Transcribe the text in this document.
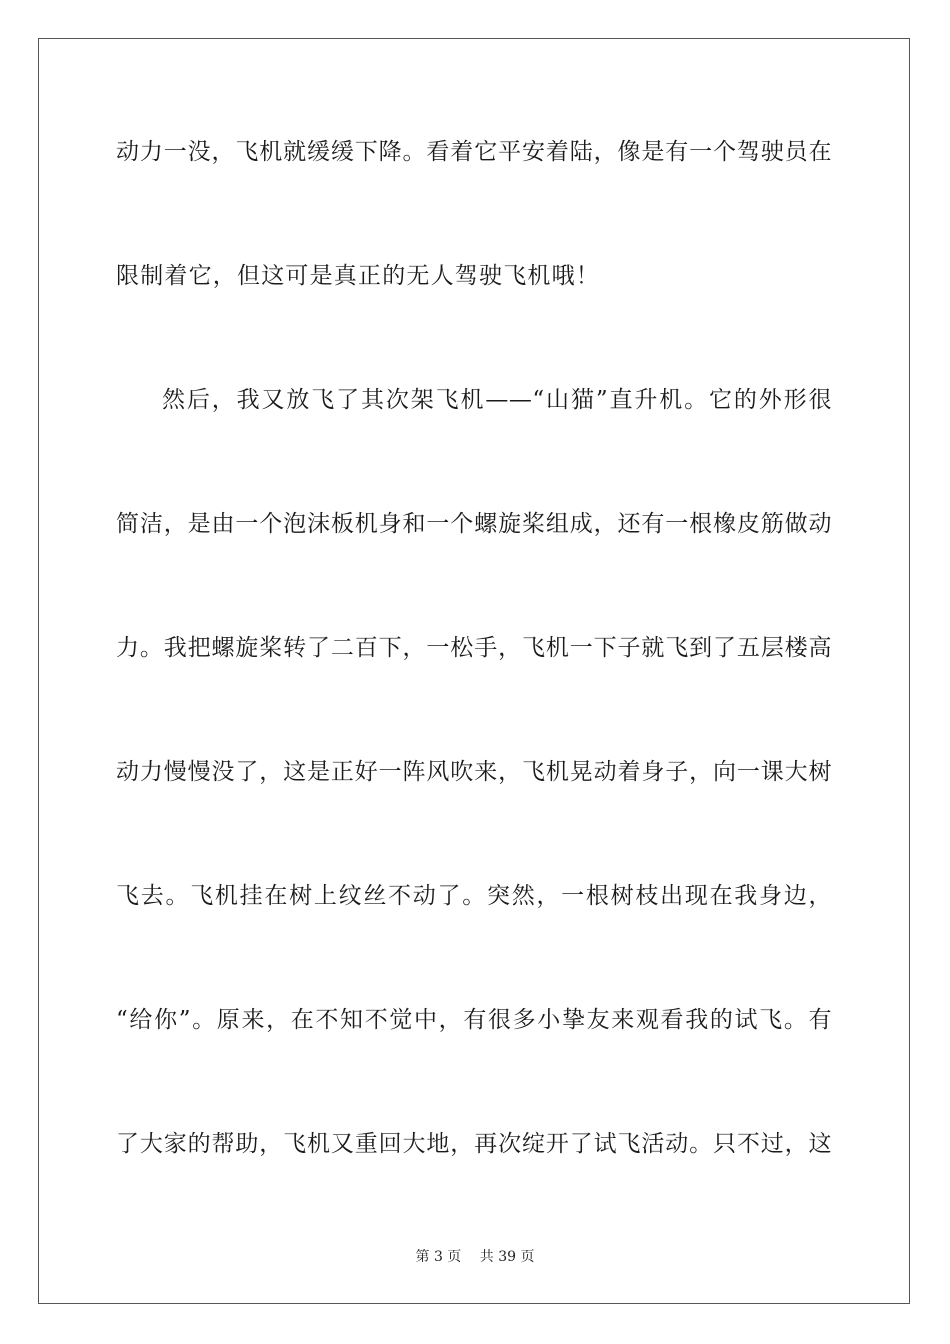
动力一没，飞机就缓缓下降。看着它平安着陆，像是有一个驾驶员在
限制着它，但这可是真正的无人驾驶飞机哦！
然后，我又放飞了其次架飞机——“山猫”直升机。它的外形很
简洁，是由一个泡沫板机身和一个螺旋桨组成，还有一根橡皮筋做动
力。我把螺旋桨转了二百下，一松手，飞机一下子就飞到了五层楼高
动力慢慢没了，这是正好一阵风吹来，飞机晃动着身子，向一课大树
飞去。飞机挂在树上纹丝不动了。突然，一根树枝出现在我身边，
“给你”。原来，在不知不觉中，有很多小挚友来观看我的试飞。有
了大家的帮助，飞机又重回大地，再次绽开了试飞活动。只不过，这
第 3 页　 共 39 页
